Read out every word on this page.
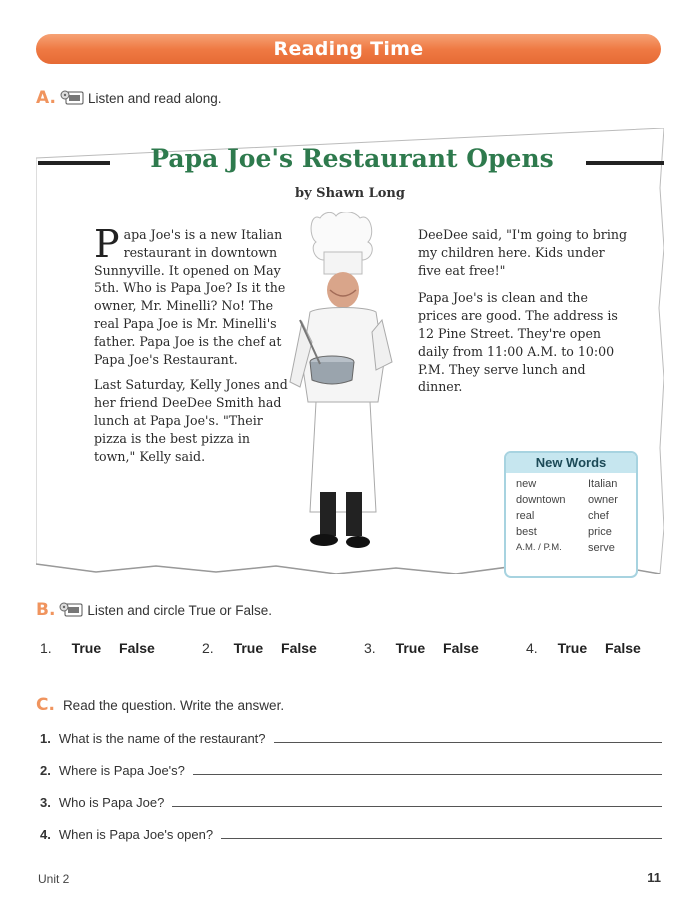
Reading Time
A. Listen and read along.
Papa Joe's Restaurant Opens
by Shawn Long

Papa Joe's is a new Italian restaurant in downtown Sunnyville. It opened on May 5th. Who is Papa Joe? Is it the owner, Mr. Minelli? No! The real Papa Joe is Mr. Minelli's father. Papa Joe is the chef at Papa Joe's Restaurant.

Last Saturday, Kelly Jones and her friend DeeDee Smith had lunch at Papa Joe's. "Their pizza is the best pizza in town," Kelly said.

DeeDee said, "I'm going to bring my children here. Kids under five eat free!"

Papa Joe's is clean and the prices are good. The address is 12 Pine Street. They're open daily from 11:00 A.M. to 10:00 P.M. They serve lunch and dinner.

New Words
new	Italian
downtown	owner
real	chef
best	price
A.M. / P.M.	serve
B. Listen and circle True or False.
1. True False	2. True False	3. True False	4. True False
C. Read the question. Write the answer.
1. What is the name of the restaurant?
2. Where is Papa Joe's?
3. Who is Papa Joe?
4. When is Papa Joe's open?
Unit 2	11
